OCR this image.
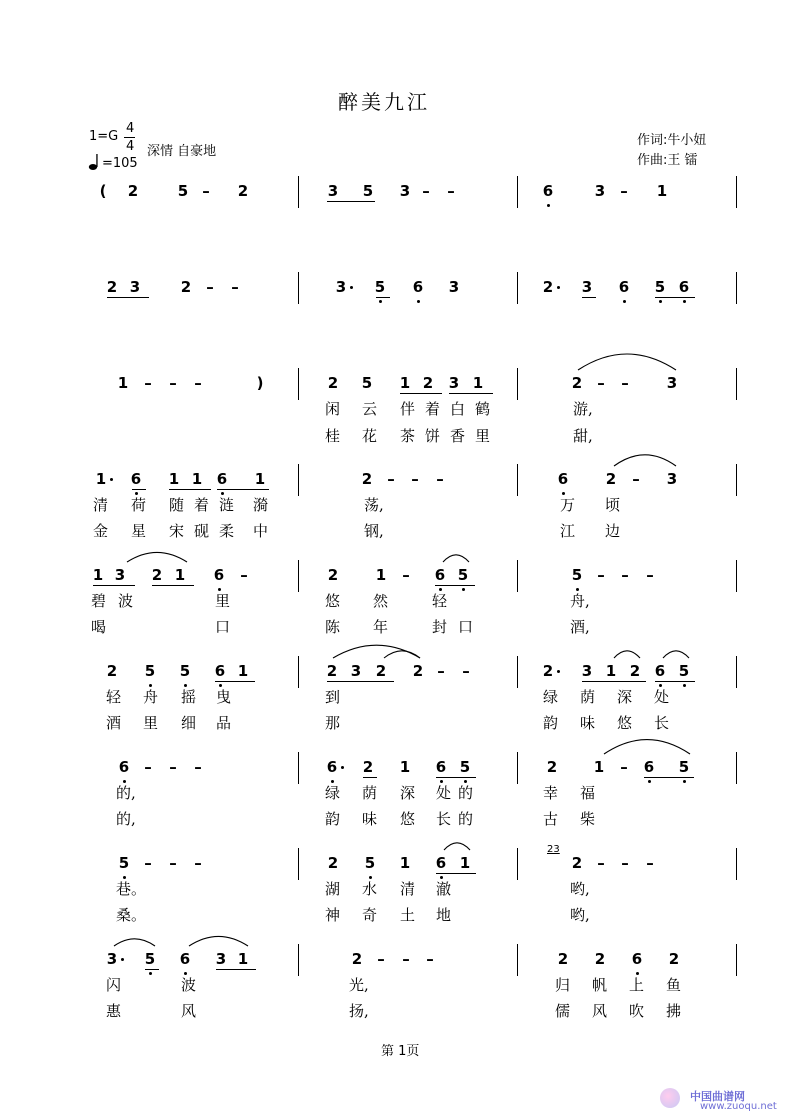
醉美九江
1=G
4
4 深情 自豪地
=105
作词:牛小妞
作曲:王 镭
( 2	5 – 2	3 5 3 – –	6	3 – 1
2 3	2 – –	3 5 6 3	2 3 6 5 6
1 – – –	)	2 5 1 2 3 1	2 – –	3
闲 云 伴 着 白 鹤	游,
桂 花 茶 饼 香 里	甜,
1 6 1 1 6 1	2 – – –	6	2 – 3
清 荷 随 着 涟 漪	荡,	万 顷
金 星 宋 砚 柔 中	钢,	江 边
1 3 2 1 6 –	2	1 – 6 5	5 – – –
碧 波	里	悠 然	轻	舟,
喝	口	陈 年	封 口	酒,
2 5 5 6 1	2 3 2 2 – –	2 3 1 2 6 5
轻 舟 摇 曳	到	绿 荫 深 处
酒 里 细 品	那	韵 味 悠 长
6 – – –	6 2 1 6 5	2 1 – 6 5
的,	绿 荫 深 处 的	幸 福
的,	韵 味 悠 长 的	古 柴
5 – – –	2 5 1 6 1	2 – – –
23
巷。	湖 水 清 澈	哟,
桑。	神 奇 土 地	哟,
3 5 6 3 1	2 – – –	2 2 6 2
闪	波	光,	归 帆 上 鱼
惠	风	扬,	儒 风 吹 拂
第 1页
中国曲谱网
www.zuoqu.net
